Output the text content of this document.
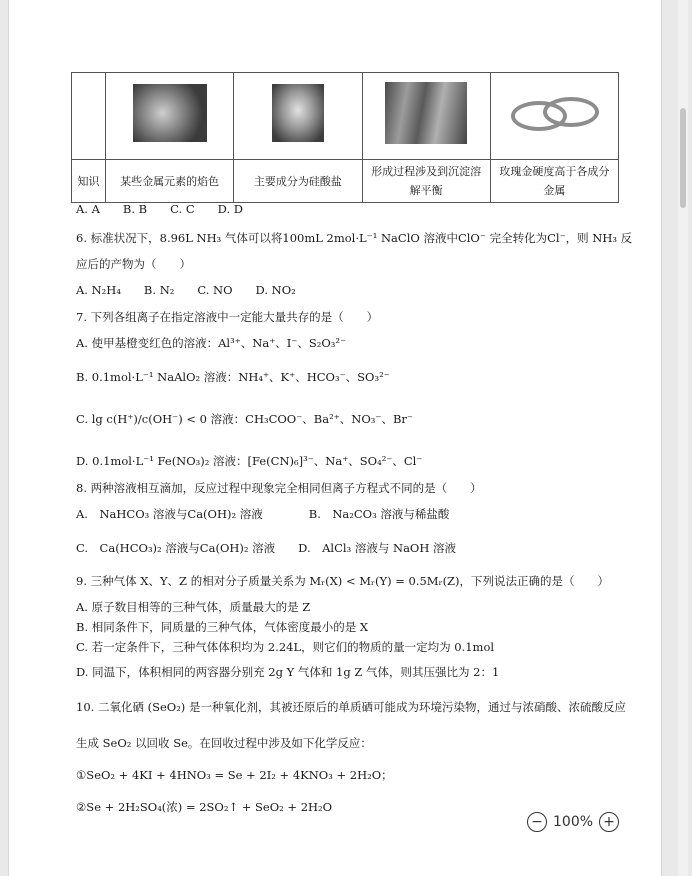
知识	某些金属元素的焰色	主要成分为硅酸盐	形成过程涉及到沉淀溶解平衡	玫瑰金硬度高于各成分金属
A. A　　B. B　　C. C　　D. D
6. 标准状况下，8.96L NH₃ 气体可以将100mL 2mol·L⁻¹ NaClO 溶液中ClO⁻ 完全转化为Cl⁻，则 NH₃ 反
应后的产物为（　　）
A. N₂H₄　　B. N₂　　C. NO　　D. NO₂
7. 下列各组离子在指定溶液中一定能大量共存的是（　　）
A. 使甲基橙变红色的溶液：Al³⁺、Na⁺、I⁻、S₂O₃²⁻
B. 0.1mol·L⁻¹ NaAlO₂ 溶液：NH₄⁺、K⁺、HCO₃⁻、SO₃²⁻
C. lg c(H⁺)/c(OH⁻) < 0 溶液：CH₃COO⁻、Ba²⁺、NO₃⁻、Br⁻
D. 0.1mol·L⁻¹ Fe(NO₃)₂ 溶液：[Fe(CN)₆]³⁻、Na⁺、SO₄²⁻、Cl⁻
8. 两种溶液相互滴加，反应过程中现象完全相同但离子方程式不同的是（　　）
A.　NaHCO₃ 溶液与Ca(OH)₂ 溶液　　　　B.　Na₂CO₃ 溶液与稀盐酸
C.　Ca(HCO₃)₂ 溶液与Ca(OH)₂ 溶液　　D.　AlCl₃ 溶液与 NaOH 溶液
9. 三种气体 X、Y、Z 的相对分子质量关系为 Mᵣ(X) < Mᵣ(Y) = 0.5Mᵣ(Z)，下列说法正确的是（　　）
A. 原子数目相等的三种气体，质量最大的是 Z
B. 相同条件下，同质量的三种气体，气体密度最小的是 X
C. 若一定条件下，三种气体体积均为 2.24L，则它们的物质的量一定均为 0.1mol
D. 同温下，体积相同的两容器分别充 2g Y 气体和 1g Z 气体，则其压强比为 2：1
10. 二氧化硒 (SeO₂) 是一种氧化剂，其被还原后的单质硒可能成为环境污染物，通过与浓硝酸、浓硫酸反应
生成 SeO₂ 以回收 Se。在回收过程中涉及如下化学反应：
①SeO₂ + 4KI + 4HNO₃ = Se + 2I₂ + 4KNO₃ + 2H₂O；
②Se + 2H₂SO₄(浓) = 2SO₂↑ + SeO₂ + 2H₂O
− 100% +
